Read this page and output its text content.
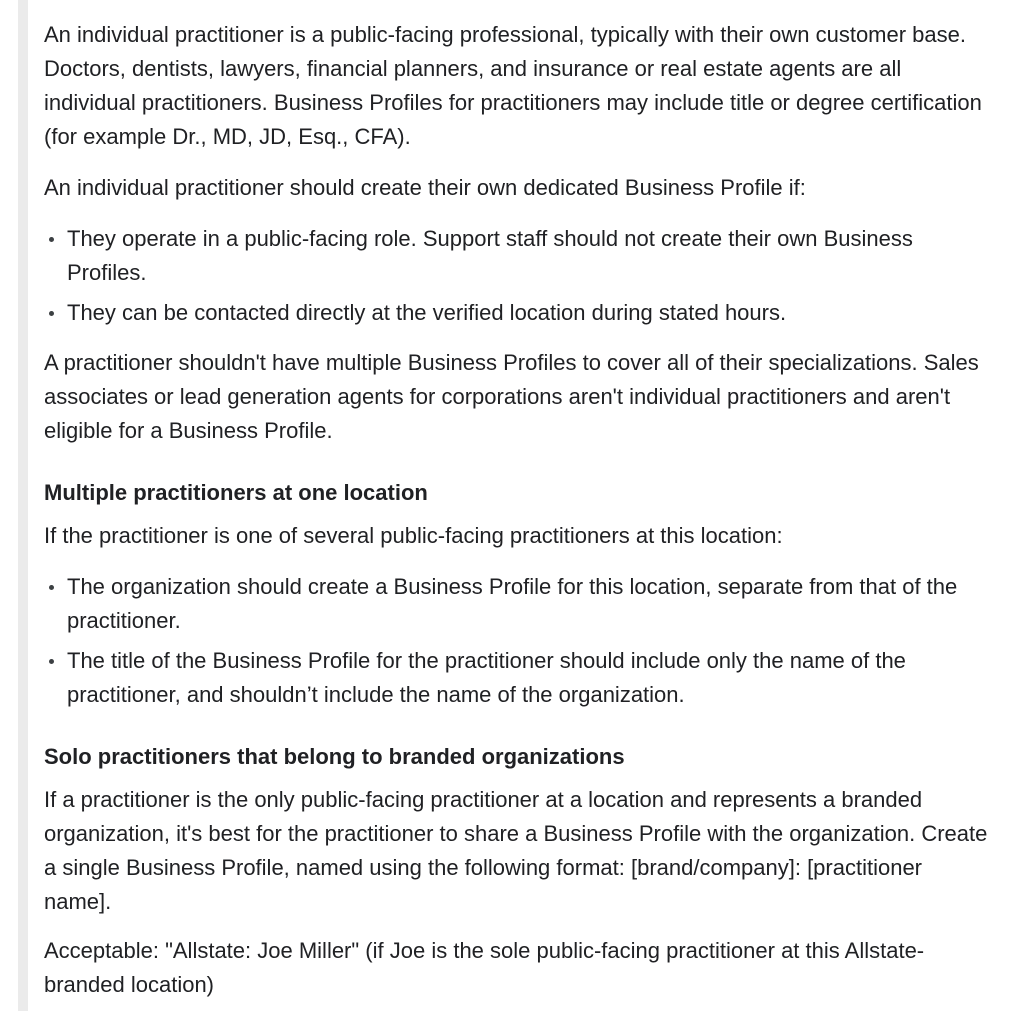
An individual practitioner is a public-facing professional, typically with their own customer base. Doctors, dentists, lawyers, financial planners, and insurance or real estate agents are all individual practitioners. Business Profiles for practitioners may include title or degree certification (for example Dr., MD, JD, Esq., CFA).

An individual practitioner should create their own dedicated Business Profile if:

They operate in a public-facing role. Support staff should not create their own Business Profiles.
They can be contacted directly at the verified location during stated hours.

A practitioner shouldn't have multiple Business Profiles to cover all of their specializations. Sales associates or lead generation agents for corporations aren't individual practitioners and aren't eligible for a Business Profile.

Multiple practitioners at one location

If the practitioner is one of several public-facing practitioners at this location:

The organization should create a Business Profile for this location, separate from that of the practitioner.
The title of the Business Profile for the practitioner should include only the name of the practitioner, and shouldn’t include the name of the organization.
Solo practitioners that belong to branded organizations

If a practitioner is the only public-facing practitioner at a location and represents a branded organization, it's best for the practitioner to share a Business Profile with the organization. Create a single Business Profile, named using the following format: [brand/company]: [practitioner name].

Acceptable: "Allstate: Joe Miller" (if Joe is the sole public-facing practitioner at this Allstate-branded location)
